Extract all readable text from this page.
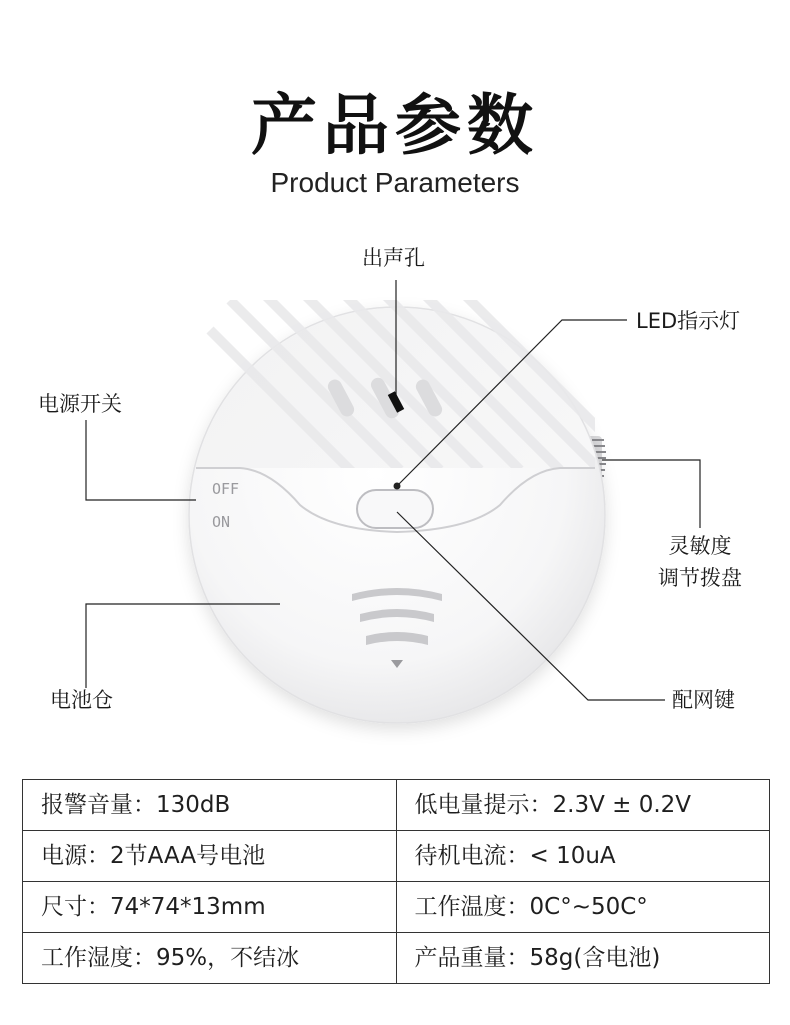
产品参数
Product Parameters
OFF
ON
出声孔
LED指示灯
电源开关
灵敏度
调节拨盘
电池仓	配网键
报警音量：130dB	低电量提示：2.3V ± 0.2V
电源：2节AAA号电池	待机电流：< 10uA
尺寸：74*74*13mm	工作温度：0C°~50C°
工作湿度：95%，不结冰	产品重量：58g(含电池)
